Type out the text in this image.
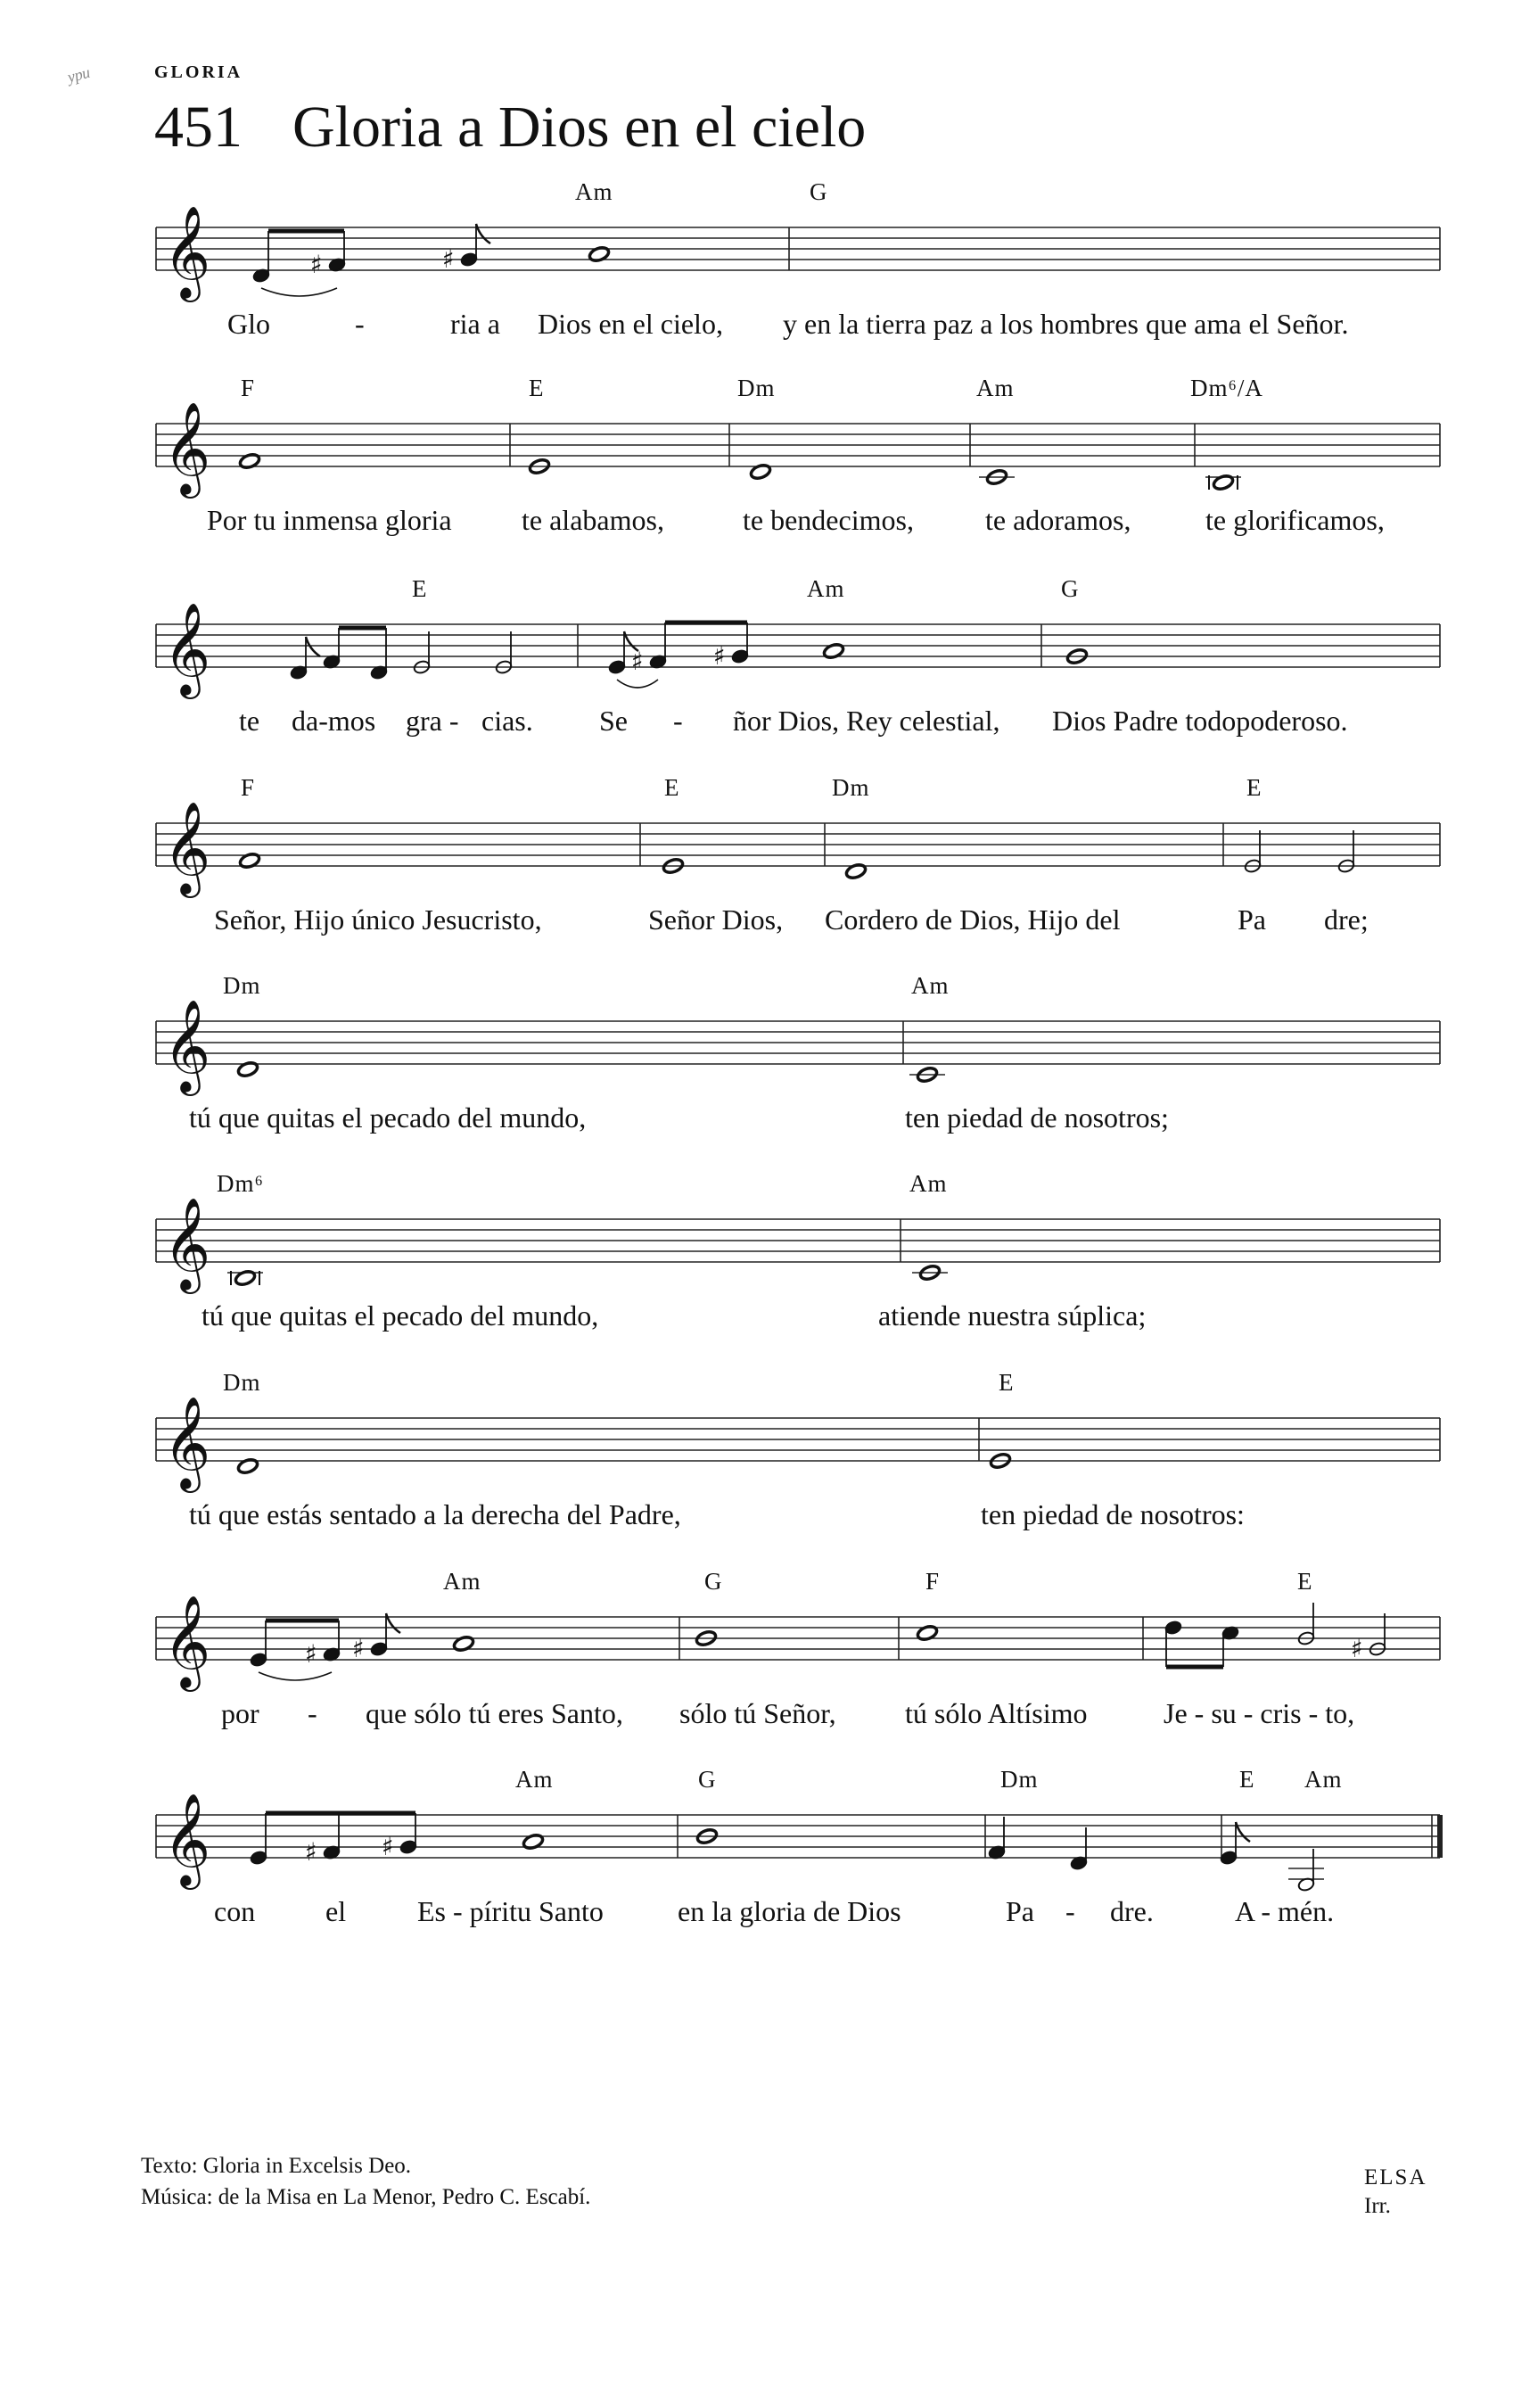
ʸᵖᵘ	GLORIA
451 Gloria a Dios en el cielo
𝄞	♯	♯
Am	G
Glo	-	ria a Dios en el cielo, y en la tierra paz a los hombres que ama el Señor.
𝄞
F	E	Dm	Am	Dm⁶/A
Por tu inmensa gloria te alabamos,	te bendecimos,	te adoramos,	te glorificamos,
𝄞	♯	♯
E	Am	G
te da-mos gra - cias. Se - ñor Dios, Rey celestial, Dios Padre todopoderoso.
𝄞
F	E	Dm	E
Señor, Hijo único Jesucristo,	Señor Dios, Cordero de Dios, Hijo del	Pa dre;
𝄞
Dm	Am
tú que quitas el pecado del mundo,	ten piedad de nosotros;
𝄞
Dm⁶	Am
tú que quitas el pecado del mundo,	atiende nuestra súplica;
𝄞
Dm	E
tú que estás sentado a la derecha del Padre,	ten piedad de nosotros:
𝄞	♯ ♯	♯
Am	G	F	E
por - que sólo tú eres Santo, sólo tú Señor, tú sólo Altísimo	Je - su - cris - to,
𝄞	♯	♯
Am	G	Dm	E Am
con el Es - píritu Santo	en la gloria de Dios	Pa - dre.	A - mén.
Texto: Gloria in Excelsis Deo.
Música: de la Misa en La Menor, Pedro C. Escabí.
ELSA
Irr.
